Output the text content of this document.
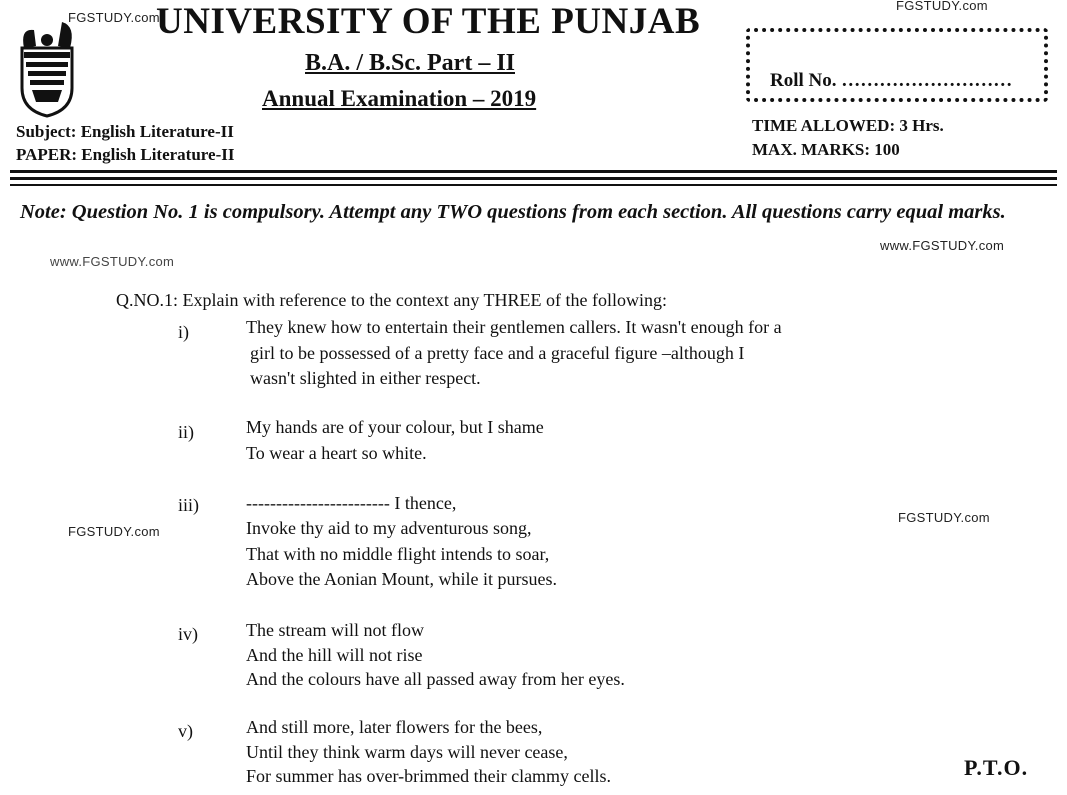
FGSTUDY.com
FGSTUDY.com
www.FGSTUDY.com
www.FGSTUDY.com
FGSTUDY.com
FGSTUDY.com
UNIVERSITY OF THE PUNJAB
B.A. / B.Sc. Part – II
Annual Examination – 2019
Roll No. ………………………
Subject: English Literature-II
PAPER: English Literature-II
TIME ALLOWED: 3 Hrs.
MAX. MARKS: 100
Note: Question No. 1 is compulsory. Attempt any TWO questions from each section. All questions carry equal marks.
Q.NO.1: Explain with reference to the context any THREE of the following:
i)	They knew how to entertain their gentlemen callers. It wasn't enough for a
girl to be possessed of a pretty face and a graceful figure –although I
wasn't slighted in either respect.
ii)	My hands are of your colour, but I shame
To wear a heart so white.
iii)	------------------------ I thence,
Invoke thy aid to my adventurous song,
That with no middle flight intends to soar,
Above the Aonian Mount, while it pursues.
iv)	The stream will not flow
And the hill will not rise
And the colours have all passed away from her eyes.
v)	And still more, later flowers for the bees,
Until they think warm days will never cease,
For summer has over-brimmed their clammy cells.	P.T.O.
